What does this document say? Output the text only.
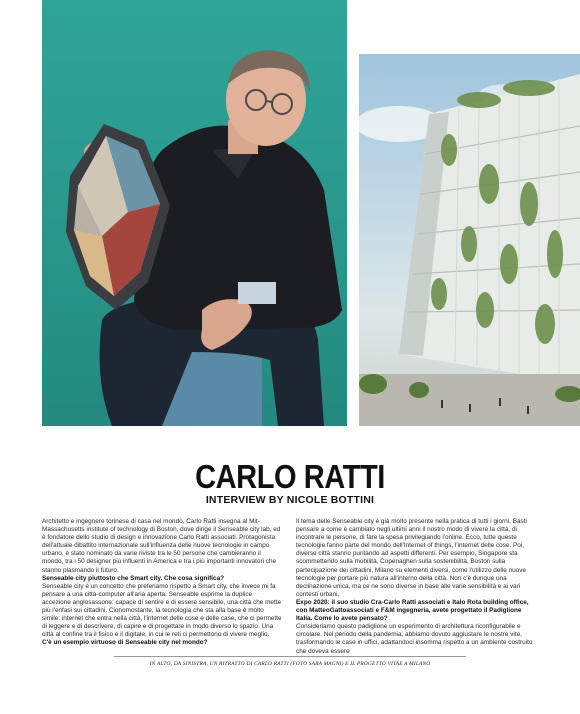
CARLO RATTI
INTERVIEW BY NICOLE BOTTINI

Architetto e ingegnere torinese di casa nel mondo, Carlo Ratti insegna al Mit-Massachusetts institute of technology di Boston, dove dirige il Senseable city lab, ed è fondatore dello studio di design e innovazione Carlo Ratti associati. Protagonista dell'attuale dibattito internazionale sull'influenza delle nuove tecnologie in campo urbano, è stato nominato da varie riviste tra le 50 persone che cambieranno il mondo, tra i 50 designer più influenti in America e tra i più importanti innovatori che stanno plasmando il futuro.

Senseable city piuttosto che Smart city. Che cosa significa?

Senseable city è un concetto che preferiamo rispetto a Smart city, che invece mi fa pensare a una città-computer all'aria aperta. Senseable esprime la duplice accezione anglosassone: capace di sentire e di essere sensibile, una città che mette più l'enfasi sui cittadini. Cionomostante, la tecnologia che sta alla base è molto simile: internet che entra nella città, l'internet delle cose e delle case, che ci permette di leggere e di descrivere, di capire e di progettare in modo diverso lo spazio. Una città al confine tra il fisico e il digitale, in cui le reti ci permettono di vivere meglio.

C'è un esempio virtuoso di Senseable city nel mondo?

Il tema delle Senseable city è già molto presente nella pratica di tutti i giorni. Basti pensare a come è cambiato negli ultimi anni il nostro modo di vivere la città, di incontrare le persone, di fare la spesa privilegiando l'online. Ecco, tutte queste tecnologie fanno parte del mondo dell'Internet of things, l'internet delle cose. Poi, diverse città stanno puntando ad aspetti differenti. Per esempio, Singapore sta scommettendo sulla mobilità, Copenaghen sulla sostenibilità, Boston sulla partecipazione dei cittadini, Milano su elementi diversi, come l'utilizzo delle nuove tecnologie per portare più natura all'interno della città. Non c'è dunque una declinazione unica, ma ce ne sono diverse in base alle varie sensibilità e ai vari contesti urbani.

Expo 2020: il suo studio Cra-Carlo Ratti associati e Italo Rota building office, con MatteoGattoassociati e F&M ingegneria, avete progettato il Padiglione Italia. Come lo avete pensato?

Consideriamo questo padiglione un esperimento di architettura riconfigurabile e circolare. Nel periodo della pandemia, abbiamo dovuto aggiustare le nostre vite, trasformando le case in uffici, adattandoci insomma rispetto a un ambiente costruito che doveva essere

IN ALTO, DA SINISTRA, UN RITRATTO DI CARLO RATTI (FOTO SARA MAGNI) E IL PROGETTO VITAE A MILANO
